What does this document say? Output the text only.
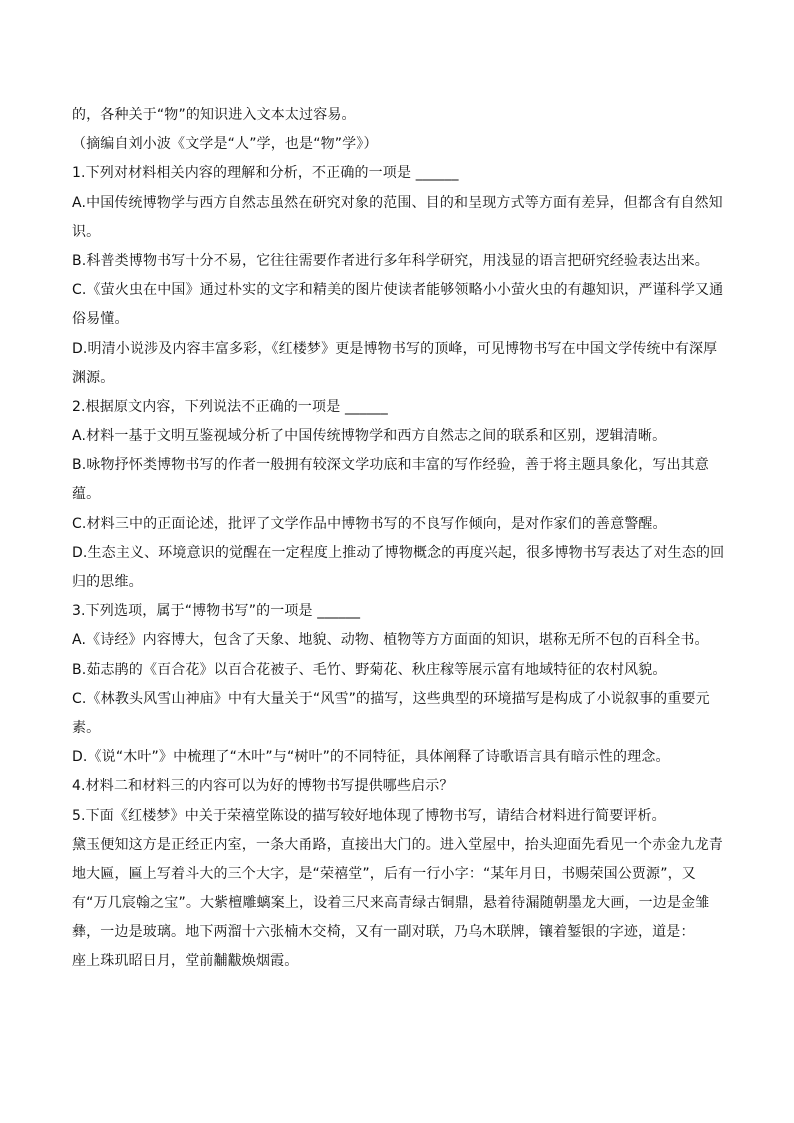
的，各种关于“物”的知识进入文本太过容易。
（摘编自刘小波《文学是“人”学，也是“物”学》）
1.下列对材料相关内容的理解和分析，不正确的一项是 ______
A.中国传统博物学与西方自然志虽然在研究对象的范围、目的和呈现方式等方面有差异，但都含有自然知
识。
B.科普类博物书写十分不易，它往往需要作者进行多年科学研究，用浅显的语言把研究经验表达出来。
C.《萤火虫在中国》通过朴实的文字和精美的图片使读者能够领略小小萤火虫的有趣知识，严谨科学又通
俗易懂。
D.明清小说涉及内容丰富多彩，《红楼梦》更是博物书写的顶峰，可见博物书写在中国文学传统中有深厚
渊源。
2.根据原文内容，下列说法不正确的一项是 ______
A.材料一基于文明互鉴视域分析了中国传统博物学和西方自然志之间的联系和区别，逻辑清晰。
B.咏物抒怀类博物书写的作者一般拥有较深文学功底和丰富的写作经验，善于将主题具象化，写出其意
蕴。
C.材料三中的正面论述，批评了文学作品中博物书写的不良写作倾向，是对作家们的善意警醒。
D.生态主义、环境意识的觉醒在一定程度上推动了博物概念的再度兴起，很多博物书写表达了对生态的回
归的思维。
3.下列选项，属于“博物书写”的一项是 ______
A.《诗经》内容博大，包含了天象、地貌、动物、植物等方方面面的知识，堪称无所不包的百科全书。
B.茹志鹃的《百合花》以百合花被子、毛竹、野菊花、秋庄稼等展示富有地域特征的农村风貌。
C.《林教头风雪山神庙》中有大量关于“风雪”的描写，这些典型的环境描写是构成了小说叙事的重要元
素。
D.《说“木叶”》中梳理了“木叶”与“树叶”的不同特征，具体阐释了诗歌语言具有暗示性的理念。
4.材料二和材料三的内容可以为好的博物书写提供哪些启示？
5.下面《红楼梦》中关于荣禧堂陈设的描写较好地体现了博物书写，请结合材料进行简要评析。
黛玉便知这方是正经正内室，一条大甬路，直接出大门的。进入堂屋中，抬头迎面先看见一个赤金九龙青
地大匾，匾上写着斗大的三个大字，是“荣禧堂”，后有一行小字：“某年月日，书赐荣国公贾源”，又
有“万几宸翰之宝”。大紫檀雕螭案上，设着三尺来高青绿古铜鼎，悬着待漏随朝墨龙大画，一边是金雏
彝，一边是玻璃。地下两溜十六张楠木交椅，又有一副对联，乃乌木联牌，镶着錾银的字迹，道是：
座上珠玑昭日月，堂前黼黻焕烟霞。
